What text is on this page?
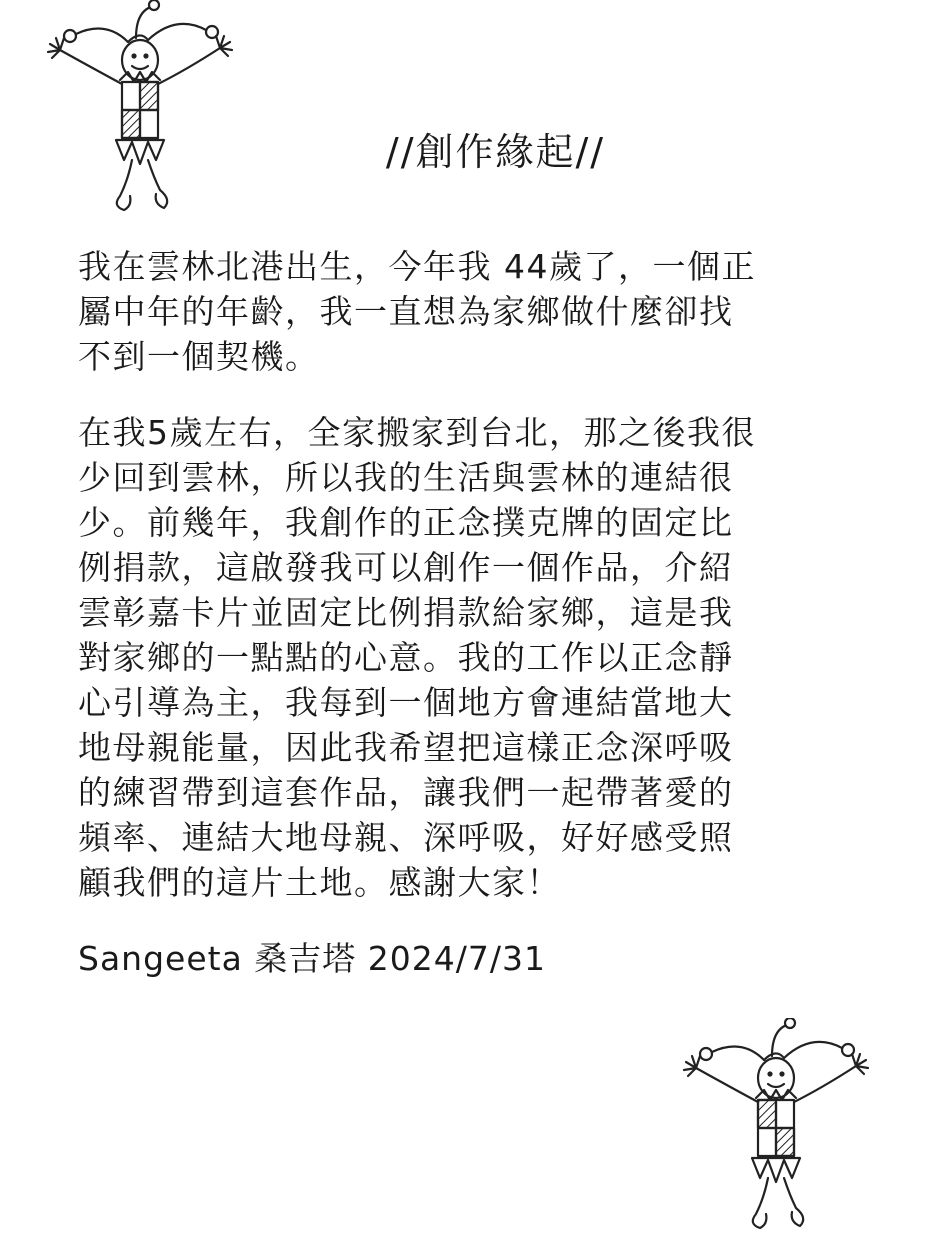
//創作緣起//

我在雲林北港出生，今年我 44歲了，一個正
屬中年的年齡，我一直想為家鄉做什麼卻找
不到一個契機。

在我5歲左右，全家搬家到台北，那之後我很
少回到雲林，所以我的生活與雲林的連結很
少。前幾年，我創作的正念撲克牌的固定比
例捐款，這啟發我可以創作一個作品，介紹
雲彰嘉卡片並固定比例捐款給家鄉，這是我
對家鄉的一點點的心意。我的工作以正念靜
心引導為主，我每到一個地方會連結當地大
地母親能量，因此我希望把這樣正念深呼吸
的練習帶到這套作品，讓我們一起帶著愛的
頻率、連結大地母親、深呼吸，好好感受照
顧我們的這片土地。感謝大家！

Sangeeta 桑吉塔 2024/7/31
